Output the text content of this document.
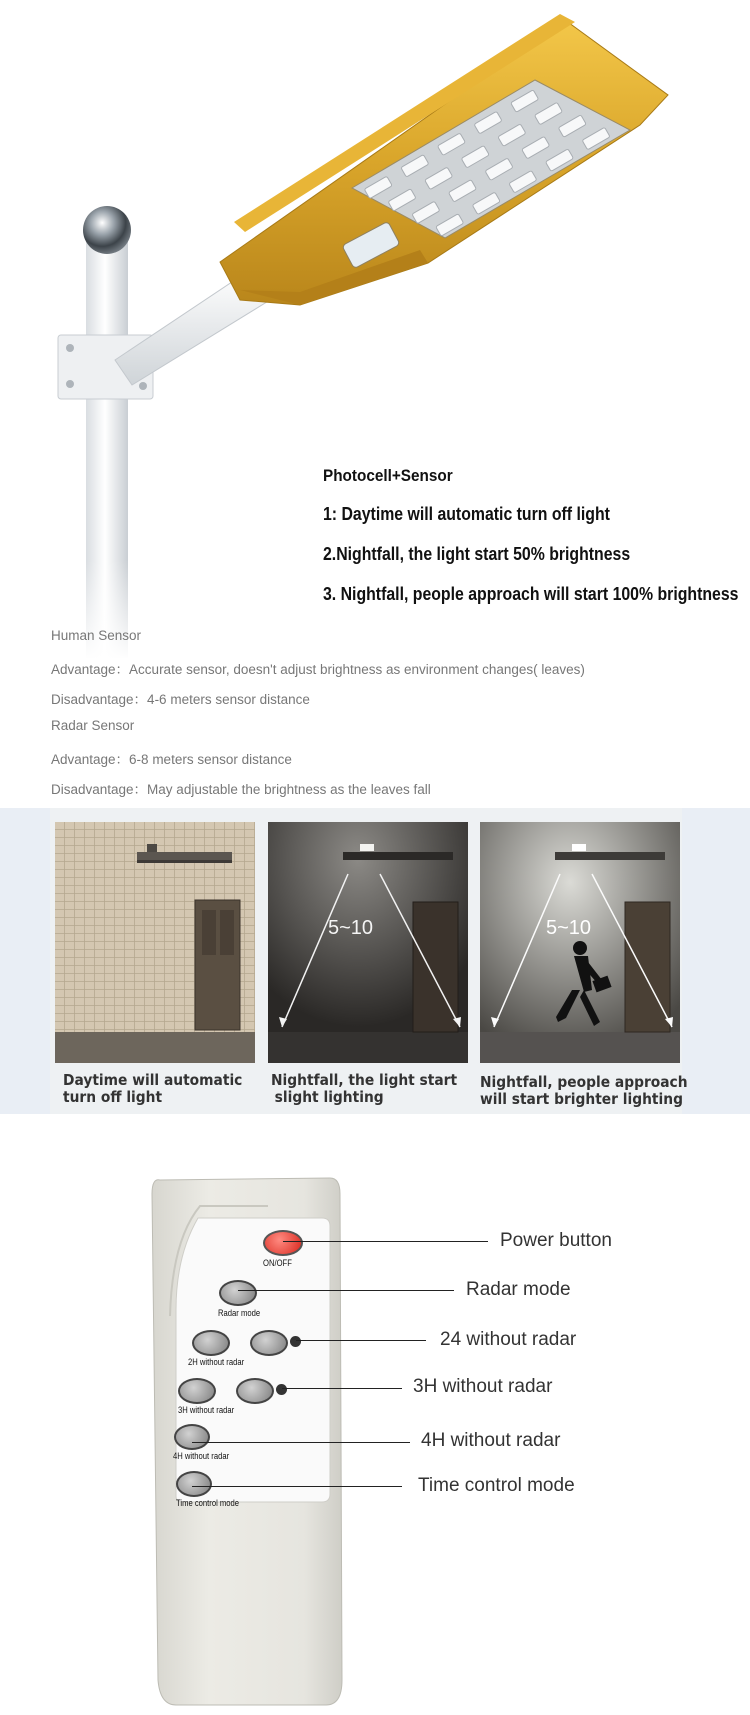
Photocell+Sensor
1: Daytime will automatic turn off light
2.Nightfall, the light start 50% brightness
3. Nightfall, people approach will start 100% brightness
Human Sensor
Advantage：Accurate sensor, doesn't adjust brightness as environment changes( leaves)
Disadvantage：4-6 meters sensor distance
Radar Sensor
Advantage：6-8 meters sensor distance
Disadvantage：May adjustable the brightness as the leaves fall
5~10	5~10
Daytime will automatic
turn off light
Nightfall, the light start
slight lighting
Nightfall, people approach
will start brighter lighting
ON/OFF
Radar mode
2H without radar
3H without radar
4H without radar
Time control mode
Power button
Radar mode
24 without radar
3H without radar
4H without radar
Time control mode
